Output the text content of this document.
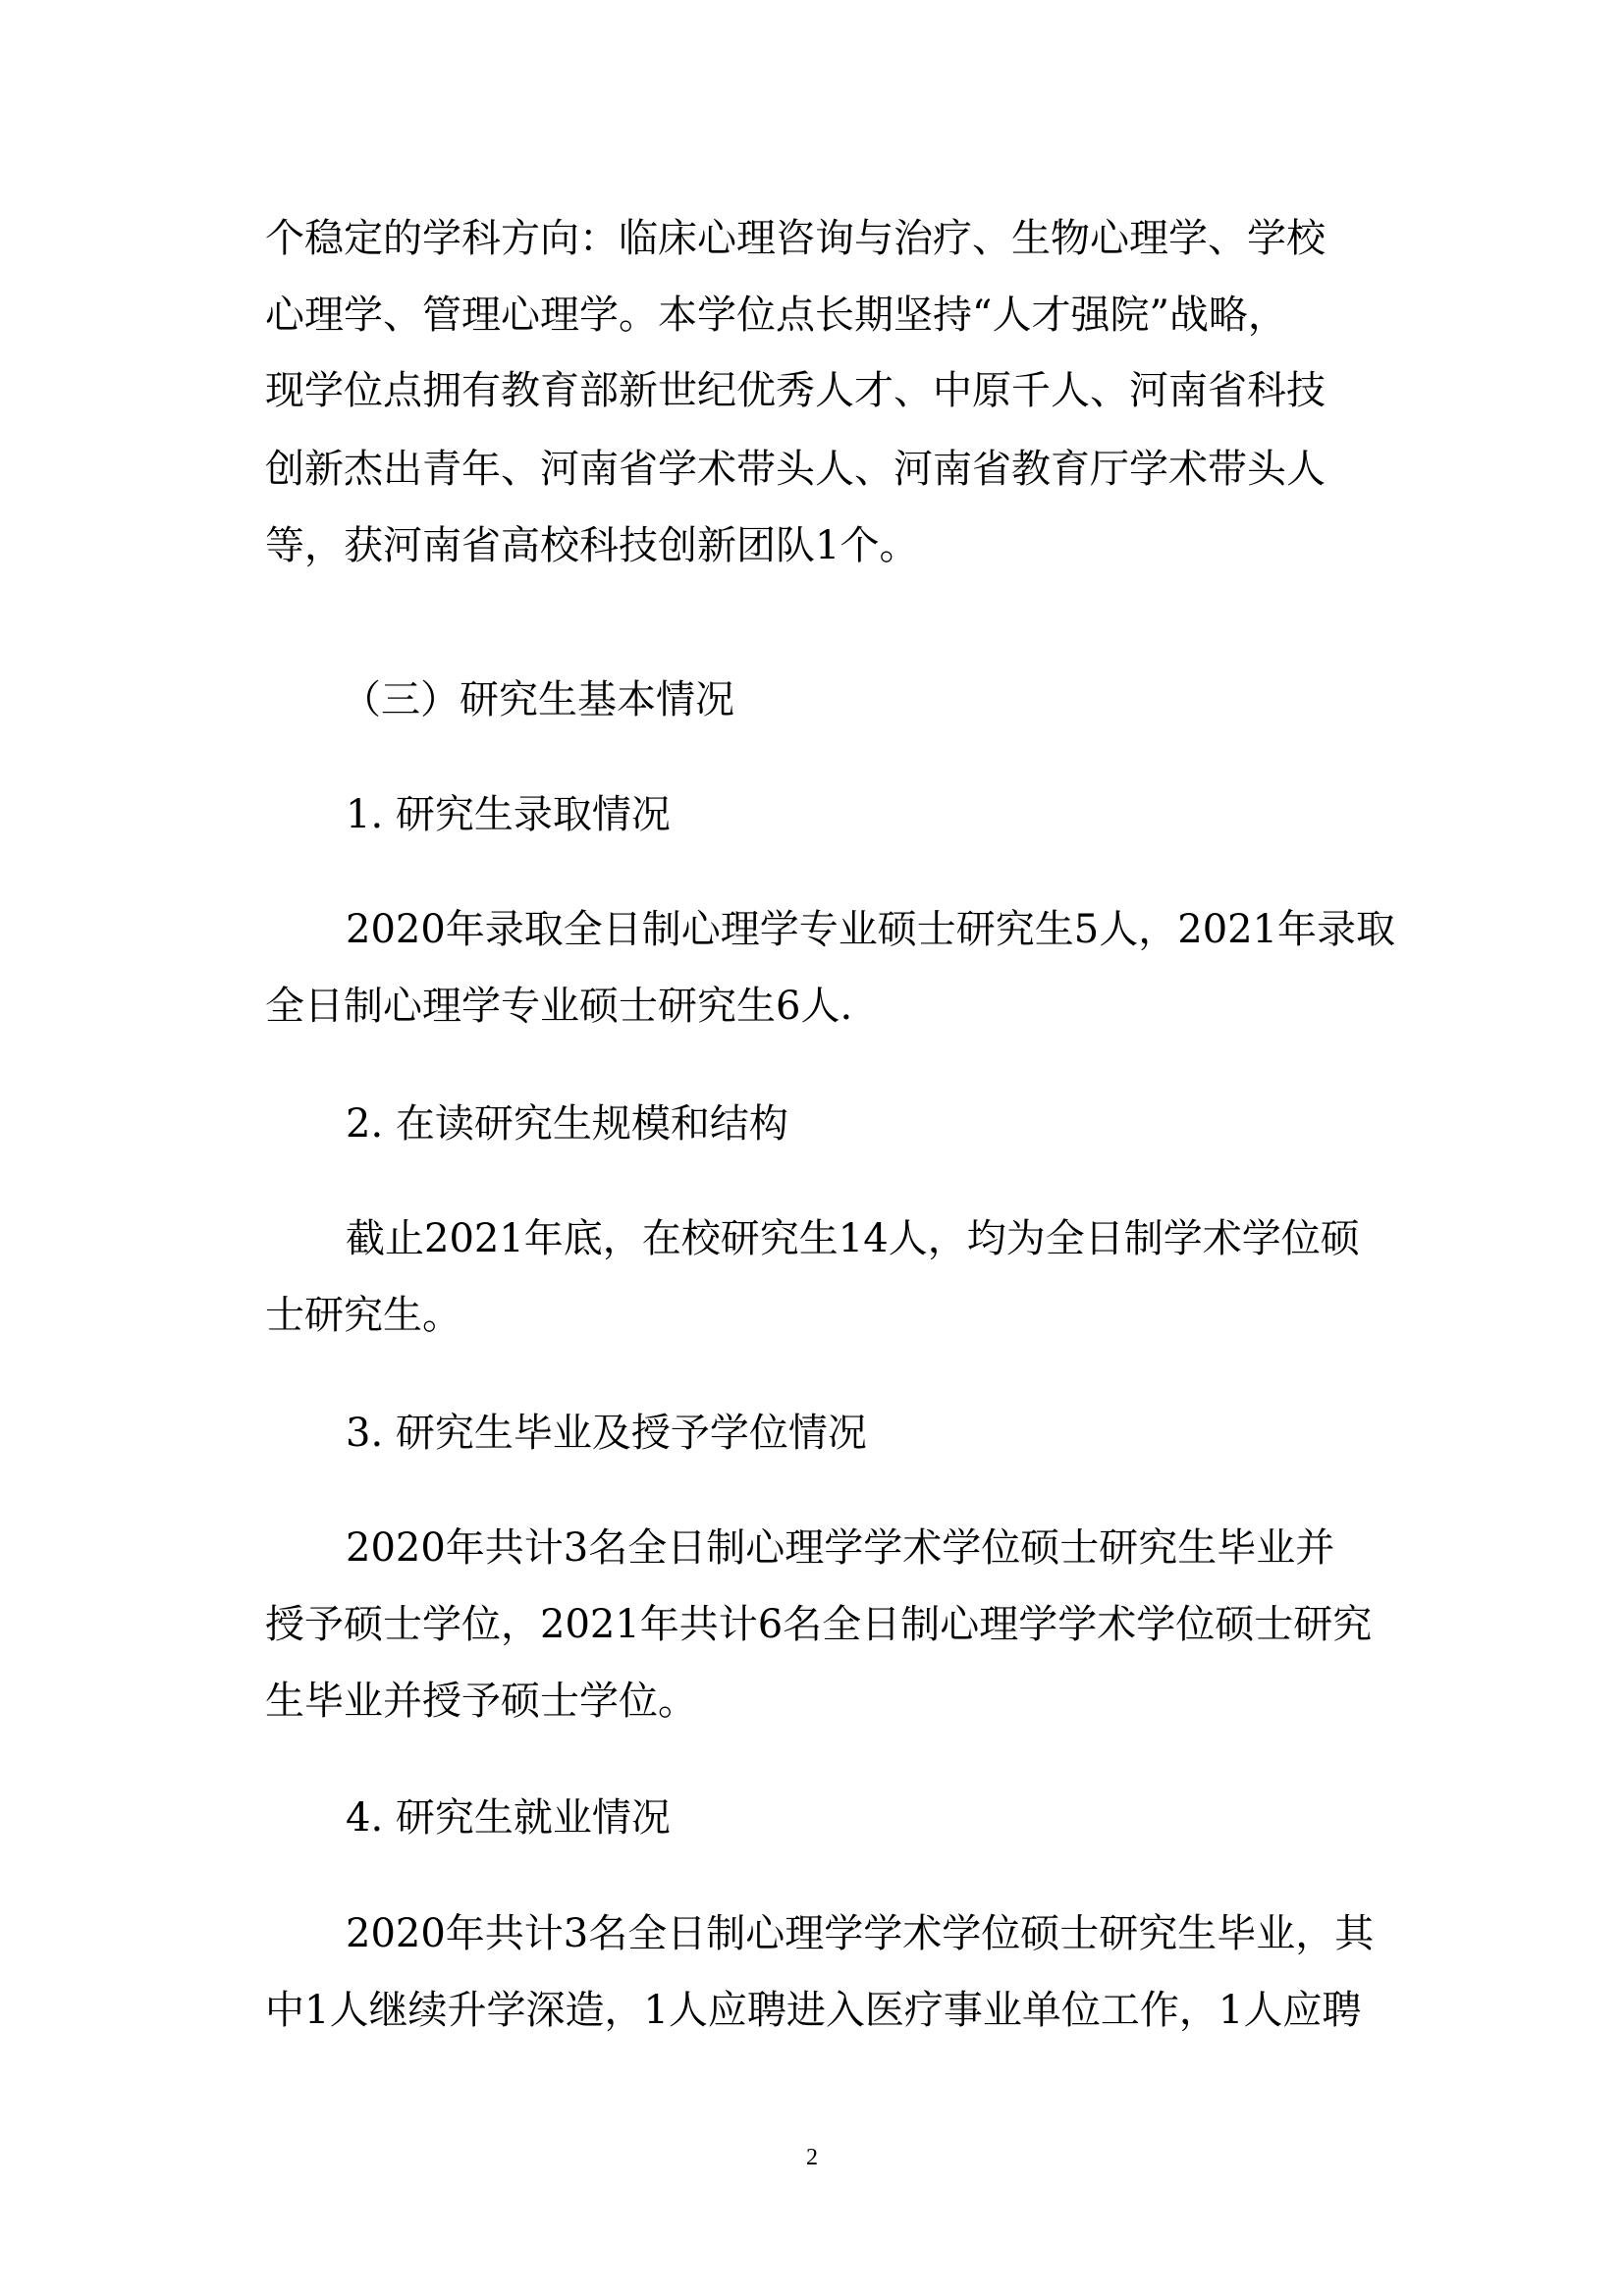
个稳定的学科方向：临床心理咨询与治疗、生物心理学、学校

心理学、管理心理学。本学位点长期坚持“人才强院”战略，

现学位点拥有教育部新世纪优秀人才、中原千人、河南省科技

创新杰出青年、河南省学术带头人、河南省教育厅学术带头人

等，获河南省高校科技创新团队1个。

（三）研究生基本情况

1. 研究生录取情况

2020年录取全日制心理学专业硕士研究生5人，2021年录取

全日制心理学专业硕士研究生6人.

2. 在读研究生规模和结构

截止2021年底，在校研究生14人，均为全日制学术学位硕

士研究生。

3. 研究生毕业及授予学位情况

2020年共计3名全日制心理学学术学位硕士研究生毕业并

授予硕士学位，2021年共计6名全日制心理学学术学位硕士研究

生毕业并授予硕士学位。

4. 研究生就业情况

2020年共计3名全日制心理学学术学位硕士研究生毕业，其

中1人继续升学深造，1人应聘进入医疗事业单位工作，1人应聘

2
